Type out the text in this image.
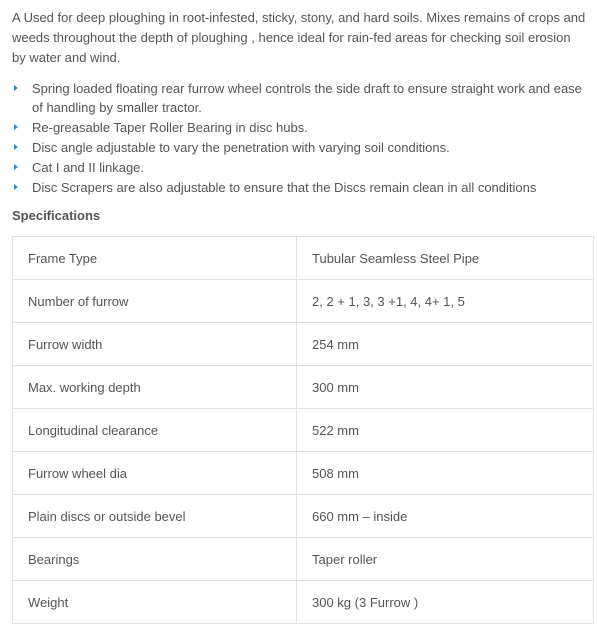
A Used for deep ploughing in root-infested, sticky, stony, and hard soils. Mixes remains of crops and weeds throughout the depth of ploughing , hence ideal for rain-fed areas for checking soil erosion by water and wind.

Spring loaded floating rear furrow wheel controls the side draft to ensure straight work and ease of handling by smaller tractor.
Re-greasable Taper Roller Bearing in disc hubs.
Disc angle adjustable to vary the penetration with varying soil conditions.
Cat I and II linkage.
Disc Scrapers are also adjustable to ensure that the Discs remain clean in all conditions
Specifications
Frame Type	Tubular Seamless Steel Pipe
Number of furrow	2, 2 + 1, 3, 3 +1, 4, 4+ 1, 5
Furrow width	254 mm
Max. working depth	300 mm
Longitudinal clearance	522 mm
Furrow wheel dia	508 mm
Plain discs or outside bevel	660 mm – inside
Bearings	Taper roller
Weight	300 kg (3 Furrow )
